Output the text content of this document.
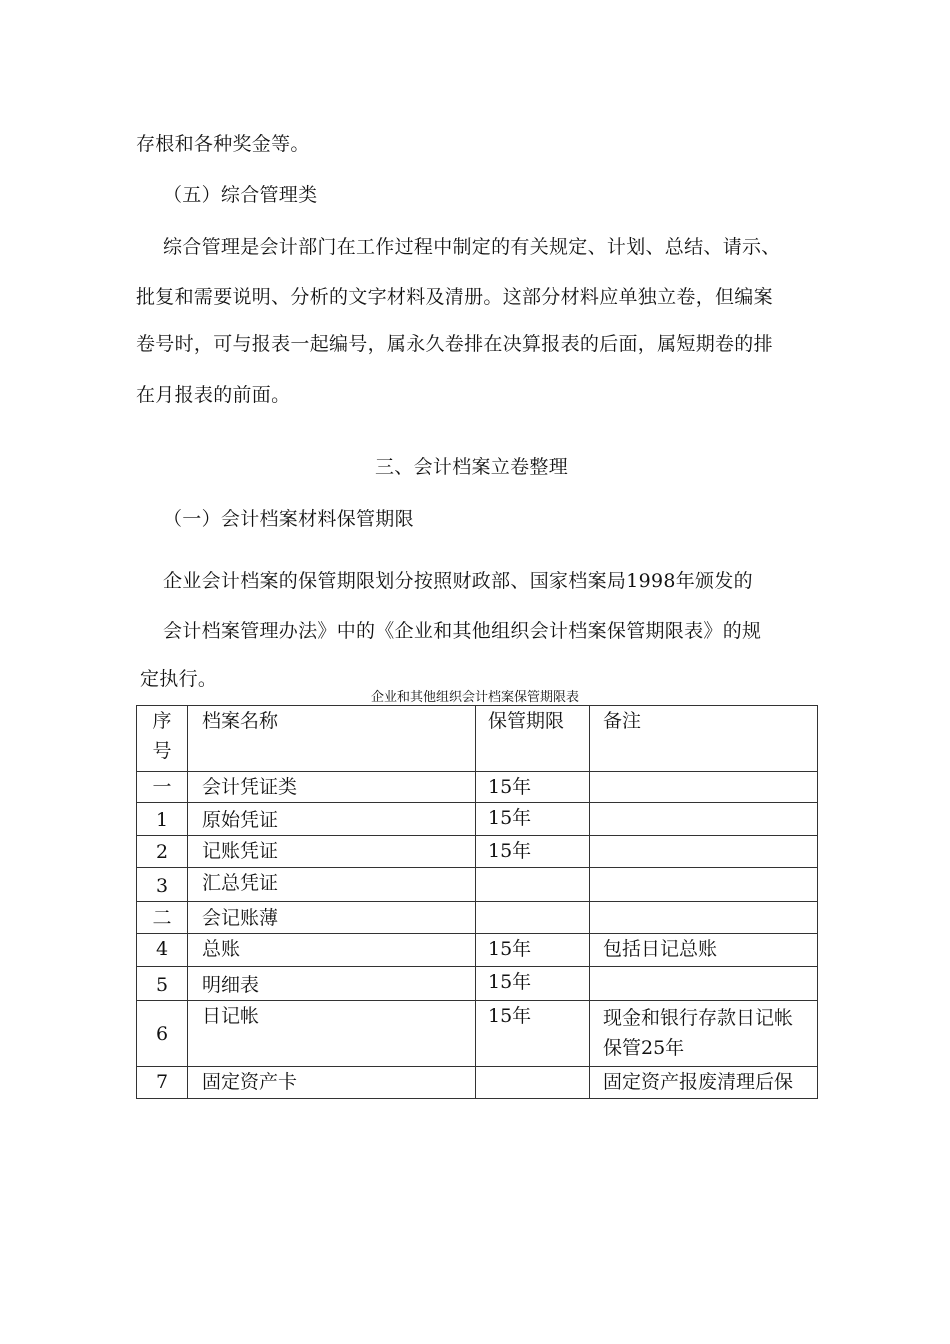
存根和各种奖金等。
（五）综合管理类
综合管理是会计部门在工作过程中制定的有关规定、计划、总结、请示、
批复和需要说明、分析的文字材料及清册。这部分材料应单独立卷，但编案
卷号时，可与报表一起编号，属永久卷排在决算报表的后面，属短期卷的排
在月报表的前面。
三、会计档案立卷整理
（一）会计档案材料保管期限
企业会计档案的保管期限划分按照财政部、国家档案局1998年颁发的
会计档案管理办法》中的《企业和其他组织会计档案保管期限表》的规
定执行。
企业和其他组织会计档案保管期限表
序号	档案名称	保管期限	备注
一	会计凭证类	15年	
1	原始凭证	15年	
2	记账凭证	15年	
3	汇总凭证		
二	会记账薄		
4	总账	15年	包括日记总账
5	明细表	15年	
6	日记帐	15年	现金和银行存款日记帐保管25年
7	固定资产卡		固定资产报废清理后保
